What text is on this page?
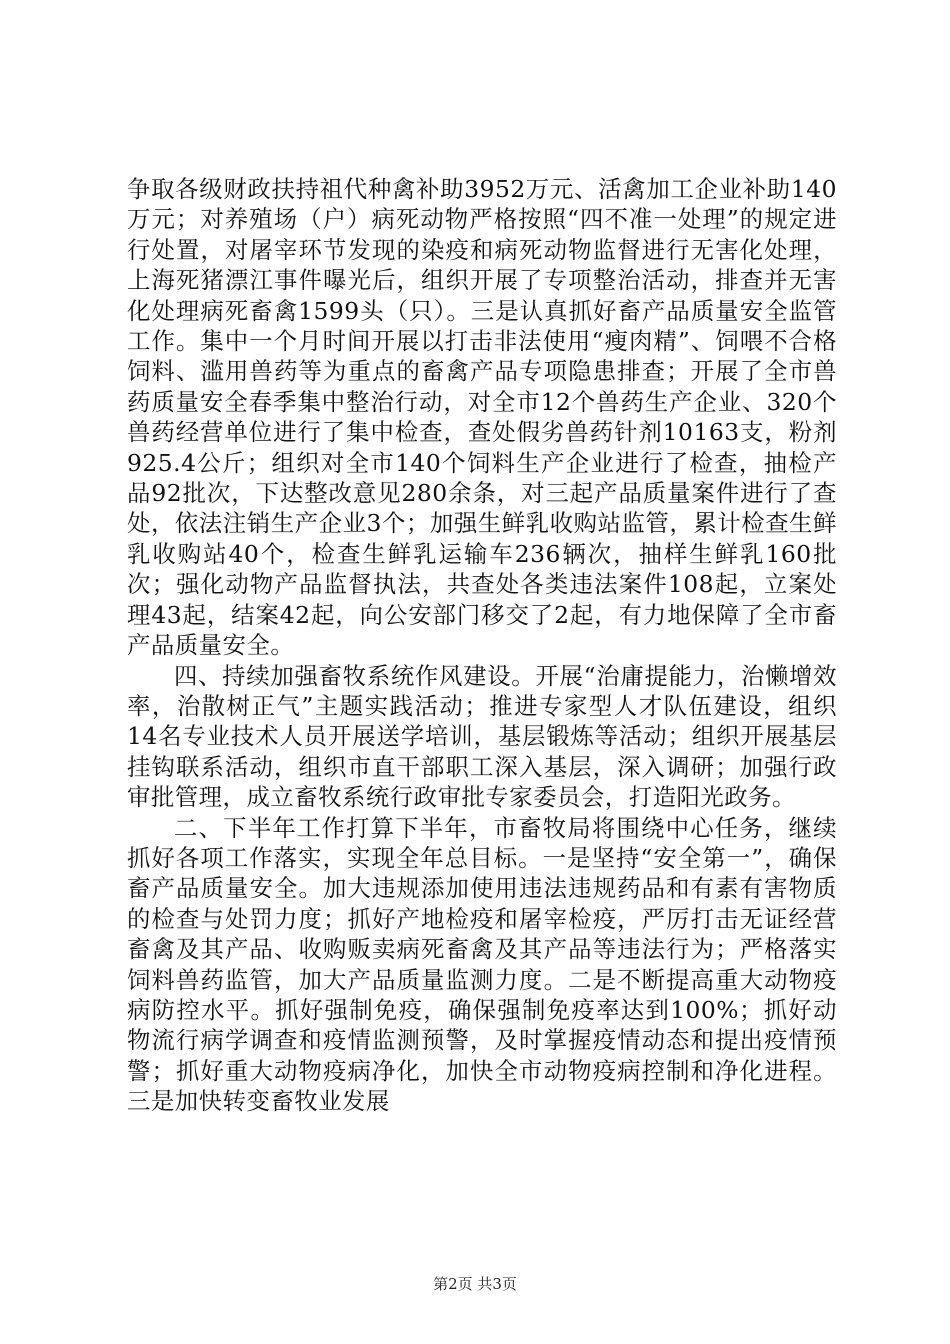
争取各级财政扶持祖代种禽补助3952万元、活禽加工企业补助140万元；对养殖场（户）病死动物严格按照“四不准一处理”的规定进行处置，对屠宰环节发现的染疫和病死动物监督进行无害化处理，上海死猪漂江事件曝光后，组织开展了专项整治活动，排查并无害化处理病死畜禽1599头（只）。三是认真抓好畜产品质量安全监管工作。集中一个月时间开展以打击非法使用“瘦肉精”、饲喂不合格饲料、滥用兽药等为重点的畜禽产品专项隐患排查；开展了全市兽药质量安全春季集中整治行动，对全市12个兽药生产企业、320个兽药经营单位进行了集中检查，查处假劣兽药针剂10163支，粉剂925.4公斤；组织对全市140个饲料生产企业进行了检查，抽检产品92批次，下达整改意见280余条，对三起产品质量案件进行了查处，依法注销生产企业3个；加强生鲜乳收购站监管，累计检查生鲜乳收购站40个，检查生鲜乳运输车236辆次，抽样生鲜乳160批次；强化动物产品监督执法，共查处各类违法案件108起，立案处理43起，结案42起，向公安部门移交了2起，有力地保障了全市畜产品质量安全。

四、持续加强畜牧系统作风建设。开展“治庸提能力，治懒增效率，治散树正气”主题实践活动；推进专家型人才队伍建设，组织14名专业技术人员开展送学培训，基层锻炼等活动；组织开展基层挂钩联系活动，组织市直干部职工深入基层，深入调研；加强行政审批管理，成立畜牧系统行政审批专家委员会，打造阳光政务。

二、下半年工作打算下半年，市畜牧局将围绕中心任务，继续抓好各项工作落实，实现全年总目标。一是坚持“安全第一”，确保畜产品质量安全。加大违规添加使用违法违规药品和有素有害物质的检查与处罚力度；抓好产地检疫和屠宰检疫，严厉打击无证经营畜禽及其产品、收购贩卖病死畜禽及其产品等违法行为；严格落实饲料兽药监管，加大产品质量监测力度。二是不断提高重大动物疫病防控水平。抓好强制免疫，确保强制免疫率达到100%；抓好动物流行病学调查和疫情监测预警，及时掌握疫情动态和提出疫情预警；抓好重大动物疫病净化，加快全市动物疫病控制和净化进程。三是加快转变畜牧业发展

第2页 共3页
